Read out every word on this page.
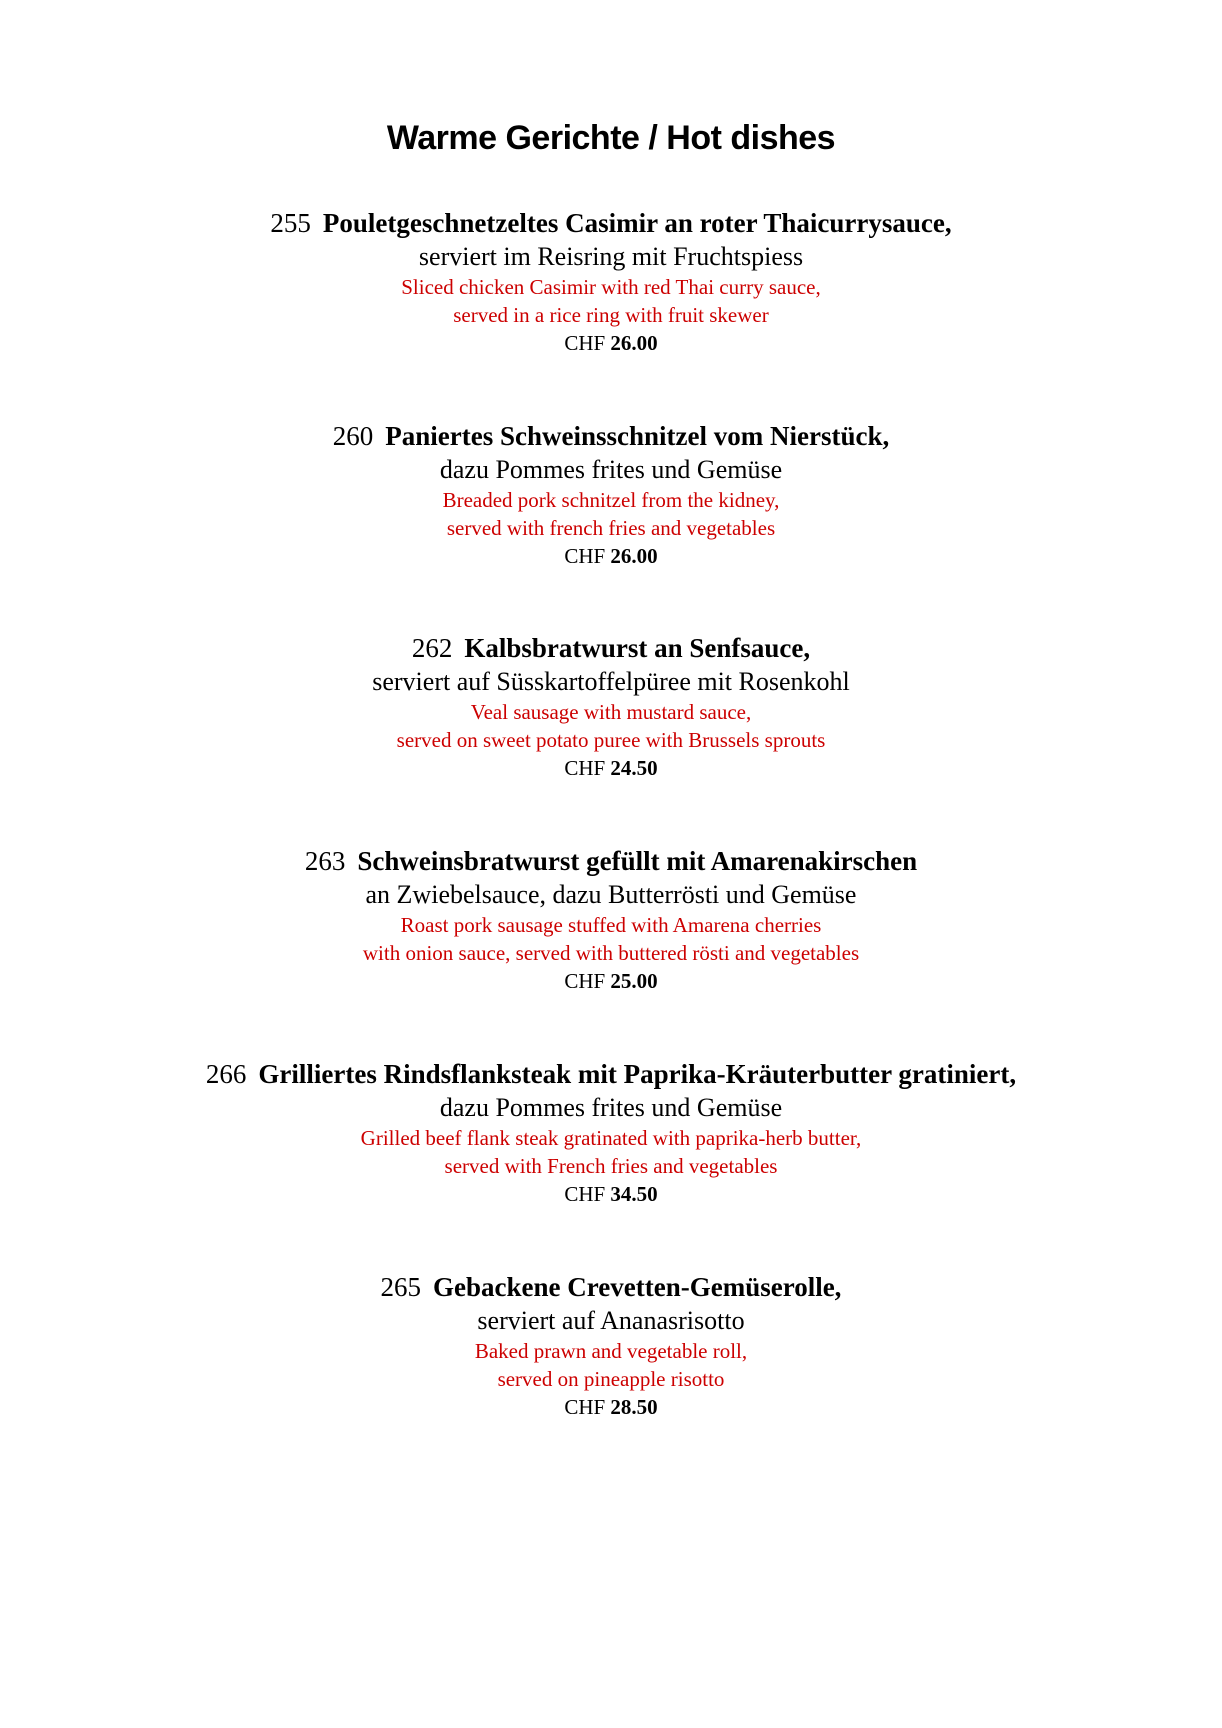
Warme Gerichte / Hot dishes
255 Pouletgeschnetzeltes Casimir an roter Thaicurrysauce,
serviert im Reisring mit Fruchtspiess
Sliced chicken Casimir with red Thai curry sauce,
served in a rice ring with fruit skewer
CHF 26.00
260 Paniertes Schweinsschnitzel vom Nierstück,
dazu Pommes frites und Gemüse
Breaded pork schnitzel from the kidney,
served with french fries and vegetables
CHF 26.00
262 Kalbsbratwurst an Senfsauce,
serviert auf Süsskartoffelpüree mit Rosenkohl
Veal sausage with mustard sauce,
served on sweet potato puree with Brussels sprouts
CHF 24.50
263 Schweinsbratwurst gefüllt mit Amarenakirschen
an Zwiebelsauce, dazu Butterrösti und Gemüse
Roast pork sausage stuffed with Amarena cherries
with onion sauce, served with buttered rösti and vegetables
CHF 25.00
266 Grilliertes Rindsflanksteak mit Paprika-Kräuterbutter gratiniert,
dazu Pommes frites und Gemüse
Grilled beef flank steak gratinated with paprika-herb butter,
served with French fries and vegetables
CHF 34.50
265 Gebackene Crevetten-Gemüserolle,
serviert auf Ananasrisotto
Baked prawn and vegetable roll,
served on pineapple risotto
CHF 28.50
